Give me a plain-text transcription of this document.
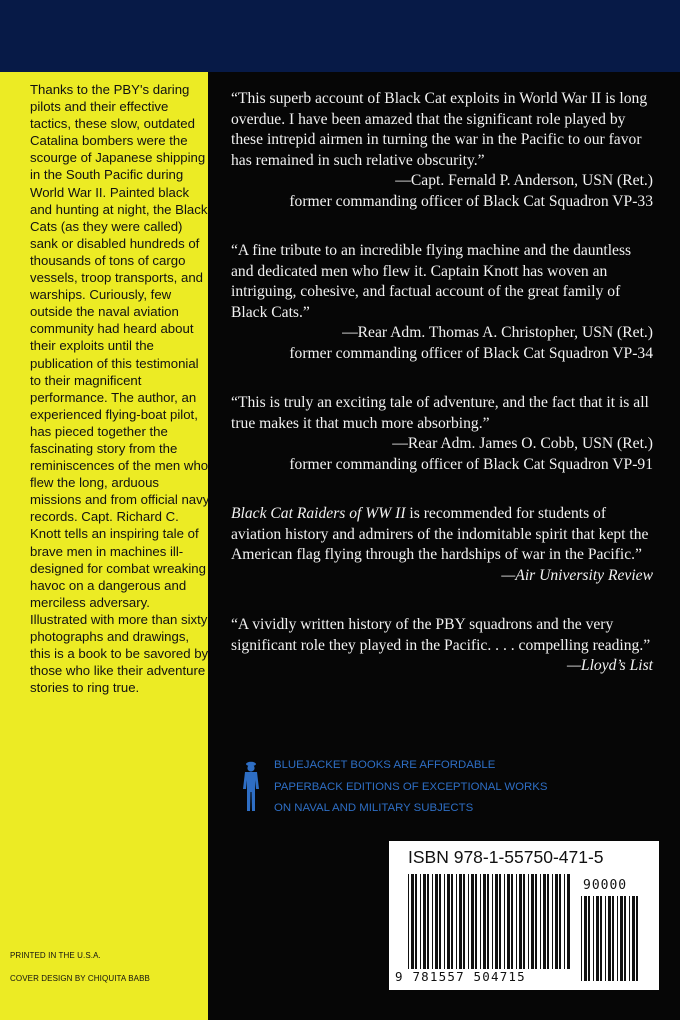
Thanks to the PBY's daring pilots and their effective tactics, these slow, outdated Catalina bombers were the scourge of Japanese shipping in the South Pacific during World War II. Painted black and hunting at night, the Black Cats (as they were called) sank or disabled hundreds of thousands of tons of cargo vessels, troop transports, and warships. Curiously, few outside the naval aviation community had heard about their exploits until the publication of this testimonial to their magnificent performance. The author, an experienced flying-boat pilot, has pieced together the fascinating story from the reminiscences of the men who flew the long, arduous missions and from official navy records. Capt. Richard C. Knott tells an inspiring tale of brave men in machines ill-designed for combat wreaking havoc on a dangerous and merciless adversary. Illustrated with more than sixty photographs and drawings, this is a book to be savored by those who like their adventure stories to ring true.

PRINTED IN THE U.S.A.
COVER DESIGN BY CHIQUITA BABB

“This superb account of Black Cat exploits in World War II is long overdue. I have been amazed that the significant role played by these intrepid airmen in turning the war in the Pacific to our favor has remained in such relative obscurity.”

—Capt. Fernald P. Anderson, USN (Ret.)

former commanding officer of Black Cat Squadron VP-33

“A fine tribute to an incredible flying machine and the dauntless and dedicated men who flew it. Captain Knott has woven an intriguing, cohesive, and factual account of the great family of Black Cats.”

—Rear Adm. Thomas A. Christopher, USN (Ret.)

former commanding officer of Black Cat Squadron VP-34

“This is truly an exciting tale of adventure, and the fact that it is all true makes it that much more absorbing.”

—Rear Adm. James O. Cobb, USN (Ret.)

former commanding officer of Black Cat Squadron VP-91

Black Cat Raiders of WW II is recommended for students of aviation history and admirers of the indomitable spirit that kept the American flag flying through the hardships of war in the Pacific.”

—Air University Review

“A vividly written history of the PBY squadrons and the very significant role they played in the Pacific. . . . compelling reading.”

—Lloyd’s List

BLUEJACKET BOOKS ARE AFFORDABLE
PAPERBACK EDITIONS OF EXCEPTIONAL WORKS
ON NAVAL AND MILITARY SUBJECTS

ISBN 978-1-55750-471-5
90000
9 781557 504715
